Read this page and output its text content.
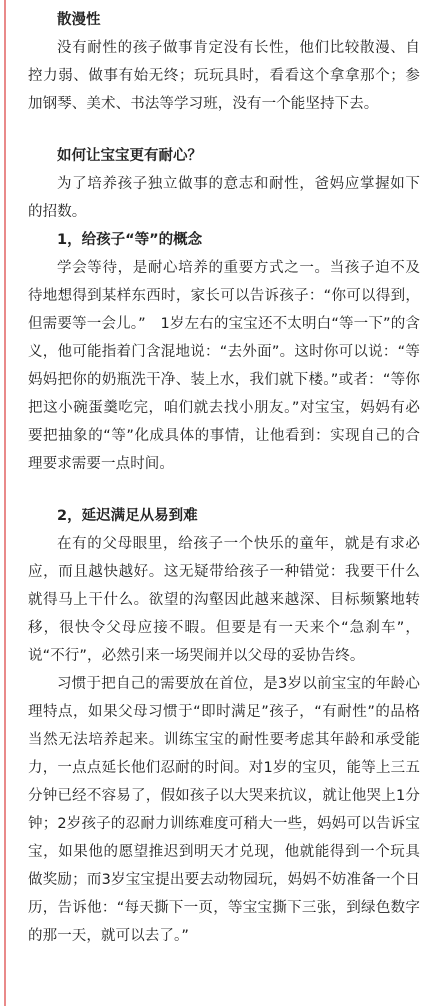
散漫性

没有耐性的孩子做事肯定没有长性，他们比较散漫、自控力弱、做事有始无终；玩玩具时，看看这个拿拿那个；参加钢琴、美术、书法等学习班，没有一个能坚持下去。

如何让宝宝更有耐心？

为了培养孩子独立做事的意志和耐性，爸妈应掌握如下的招数。

1，给孩子“等”的概念

学会等待，是耐心培养的重要方式之一。当孩子迫不及待地想得到某样东西时，家长可以告诉孩子：“你可以得到，但需要等一会儿。”　1岁左右的宝宝还不太明白“等一下”的含义，他可能指着门含混地说：“去外面”。这时你可以说：“等妈妈把你的奶瓶洗干净、装上水，我们就下楼。”或者：“等你把这小碗蛋羹吃完，咱们就去找小朋友。”对宝宝，妈妈有必要把抽象的“等”化成具体的事情，让他看到：实现自己的合理要求需要一点时间。

2，延迟满足从易到难

在有的父母眼里，给孩子一个快乐的童年，就是有求必应，而且越快越好。这无疑带给孩子一种错觉：我要干什么就得马上干什么。欲望的沟壑因此越来越深、目标频繁地转移，很快令父母应接不暇。但要是有一天来个“急刹车”，说“不行”，必然引来一场哭闹并以父母的妥协告终。

习惯于把自己的需要放在首位，是3岁以前宝宝的年龄心理特点，如果父母习惯于“即时满足”孩子，“有耐性”的品格当然无法培养起来。训练宝宝的耐性要考虑其年龄和承受能力，一点点延长他们忍耐的时间。对1岁的宝贝，能等上三五分钟已经不容易了，假如孩子以大哭来抗议，就让他哭上1分钟；2岁孩子的忍耐力训练难度可稍大一些，妈妈可以告诉宝宝，如果他的愿望推迟到明天才兑现，他就能得到一个玩具做奖励；而3岁宝宝提出要去动物园玩，妈妈不妨准备一个日历，告诉他：“每天撕下一页，等宝宝撕下三张，到绿色数字的那一天，就可以去了。”
